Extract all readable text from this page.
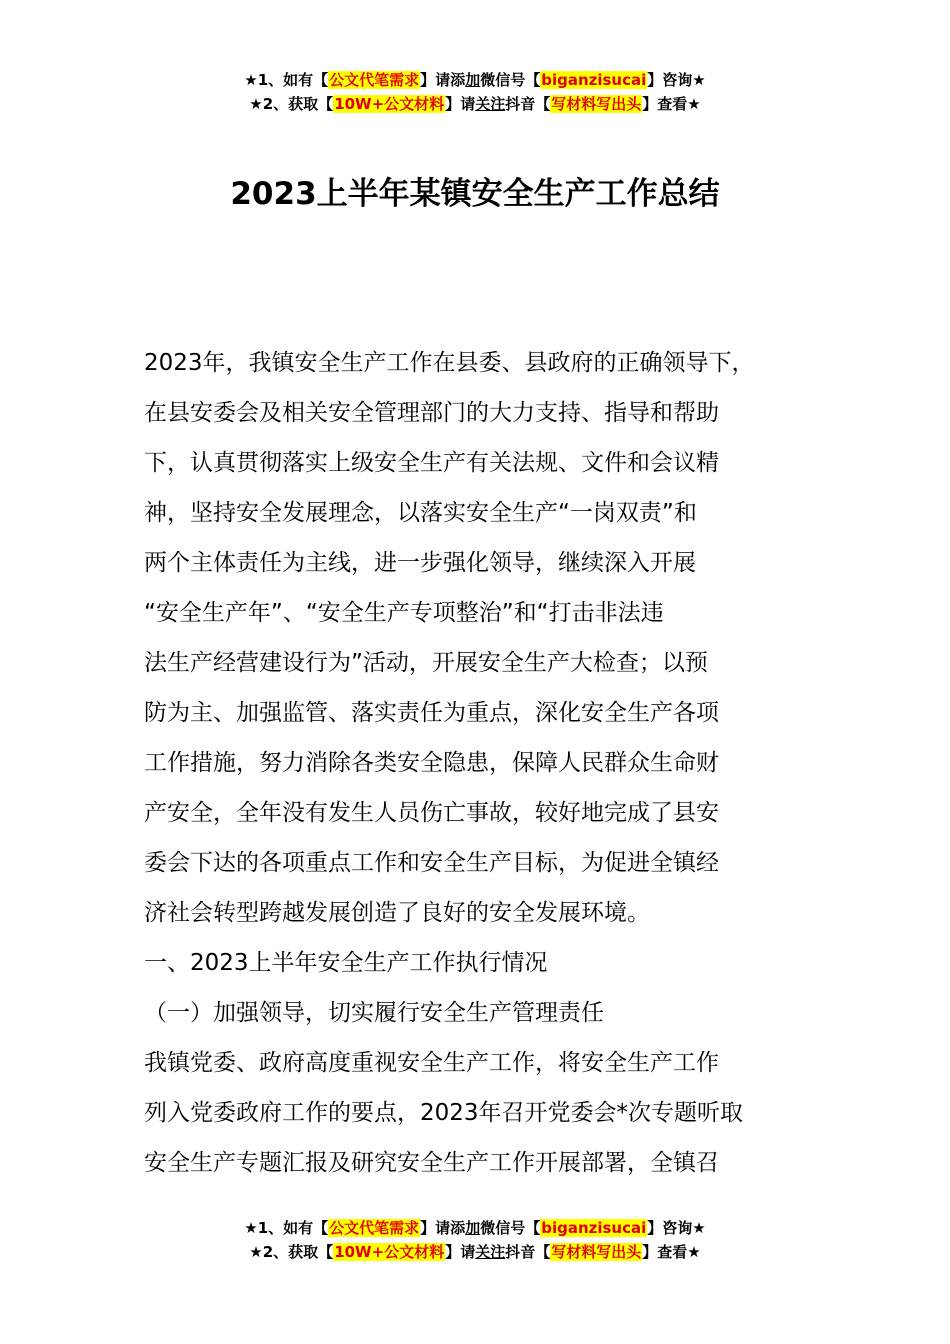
★1、如有【公文代笔需求】请添加微信号【biganzisucai】咨询★
★2、获取【10W+公文材料】请关注抖音【写材料写出头】查看★
2023上半年某镇安全生产工作总结

2023年，我镇安全生产工作在县委、县政府的正确领导下，

在县安委会及相关安全管理部门的大力支持、指导和帮助

下，认真贯彻落实上级安全生产有关法规、文件和会议精

神，坚持安全发展理念，以落实安全生产“一岗双责”和

两个主体责任为主线，进一步强化领导，继续深入开展

“安全生产年”、“安全生产专项整治”和“打击非法违

法生产经营建设行为”活动，开展安全生产大检查；以预

防为主、加强监管、落实责任为重点，深化安全生产各项

工作措施，努力消除各类安全隐患，保障人民群众生命财

产安全，全年没有发生人员伤亡事故，较好地完成了县安

委会下达的各项重点工作和安全生产目标，为促进全镇经

济社会转型跨越发展创造了良好的安全发展环境。

一、2023上半年安全生产工作执行情况

（一）加强领导，切实履行安全生产管理责任

我镇党委、政府高度重视安全生产工作，将安全生产工作

列入党委政府工作的要点，2023年召开党委会*次专题听取

安全生产专题汇报及研究安全生产工作开展部署，全镇召

★1、如有【公文代笔需求】请添加微信号【biganzisucai】咨询★
★2、获取【10W+公文材料】请关注抖音【写材料写出头】查看★
